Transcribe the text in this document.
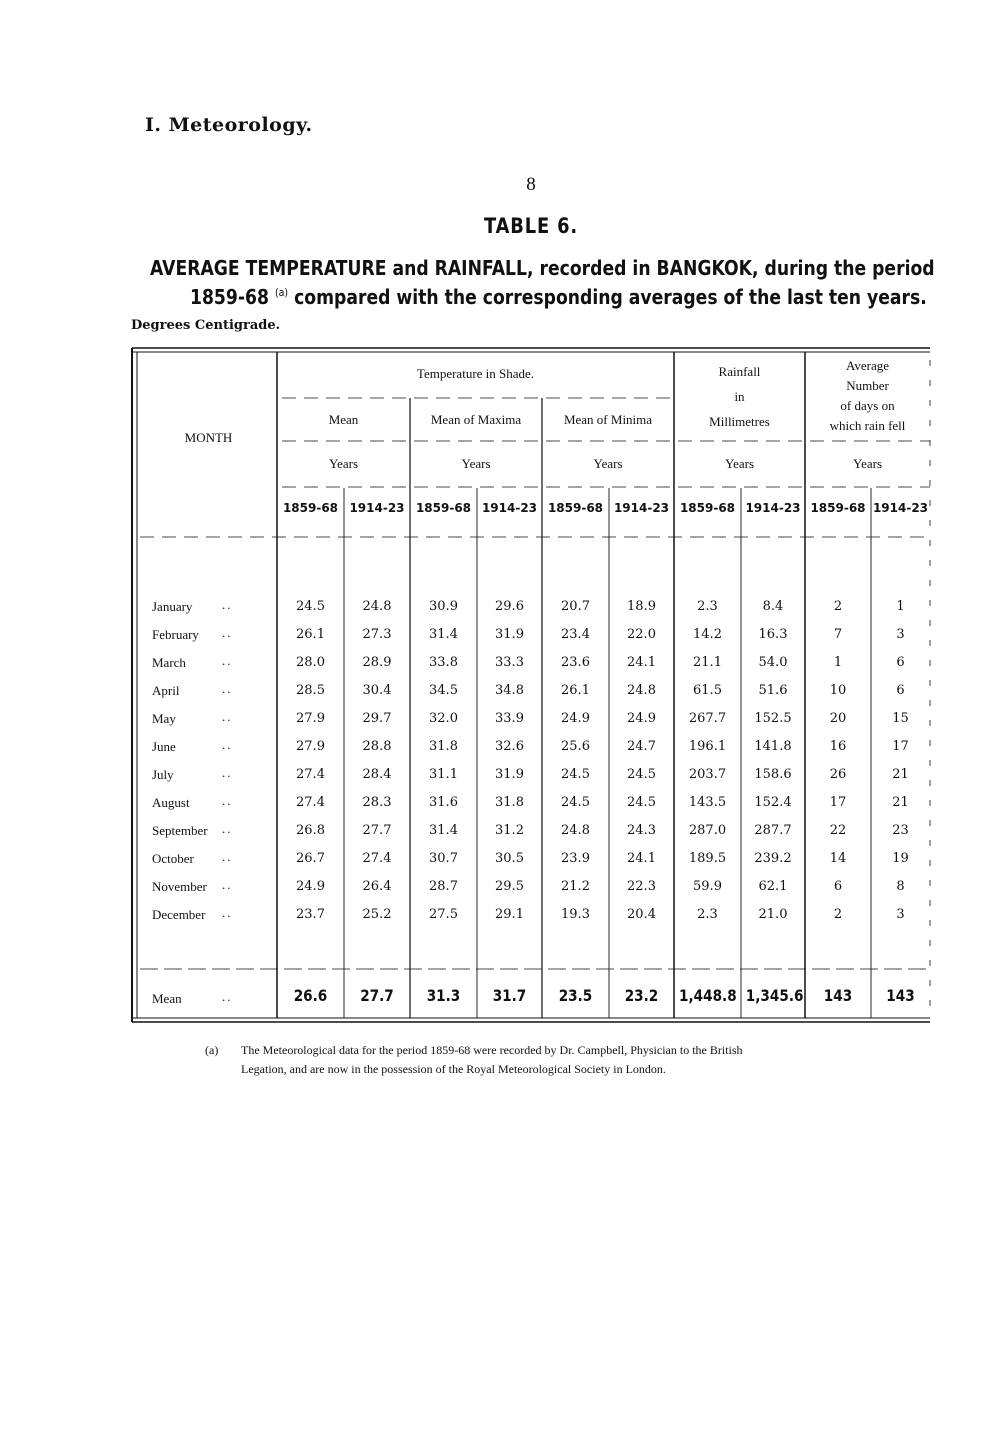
I. Meteorology.
8
TABLE 6.
AVERAGE TEMPERATURE and RAINFALL, recorded in BANGKOK, during the period
1859-68 $^{(a)}$ compared with the corresponding averages of the last ten years.
Degrees Centigrade.
MONTH
Temperature in Shade.
Mean	Mean of Maxima	Mean of Minima
Rainfall
in
Millimetres
Average
Number
of days on
which rain fell
Years	Years	Years	Years	Years
1859-68 1914-23 1859-68 1914-23 1859-68 1914-23 1859-68 1914-23 1859-68 1914-23
January ..	24.5	24.8	30.9	29.6	20.7	18.9	2.3	8.4	2	1
February ..	26.1	27.3	31.4	31.9	23.4	22.0	14.2	16.3	7	3
March	..	28.0	28.9	33.8	33.3	23.6	24.1	21.1	54.0	1	6
April	..	28.5	30.4	34.5	34.8	26.1	24.8	61.5	51.6	10	6
May	..	27.9	29.7	32.0	33.9	24.9	24.9	267.7	152.5	20	15
June	..	27.9	28.8	31.8	32.6	25.6	24.7	196.1	141.8	16	17
July	..	27.4	28.4	31.1	31.9	24.5	24.5	203.7	158.6	26	21
August ..	27.4	28.3	31.6	31.8	24.5	24.5	143.5	152.4	17	21
September ..	26.8	27.7	31.4	31.2	24.8	24.3	287.0	287.7	22	23
October ..	26.7	27.4	30.7	30.5	23.9	24.1	189.5	239.2	14	19
November ..	24.9	26.4	28.7	29.5	21.2	22.3	59.9	62.1	6	8
December ..	23.7	25.2	27.5	29.1	19.3	20.4	2.3	21.0	2	3
Mean	..	26.6	27.7	31.3	31.7	23.5	23.2	1,448.8 1,345.6	143	143
(a) The Meteorological data for the period 1859-68 were recorded by Dr. Campbell, Physician to the British
Legation, and are now in the possession of the Royal Meteorological Society in London.
